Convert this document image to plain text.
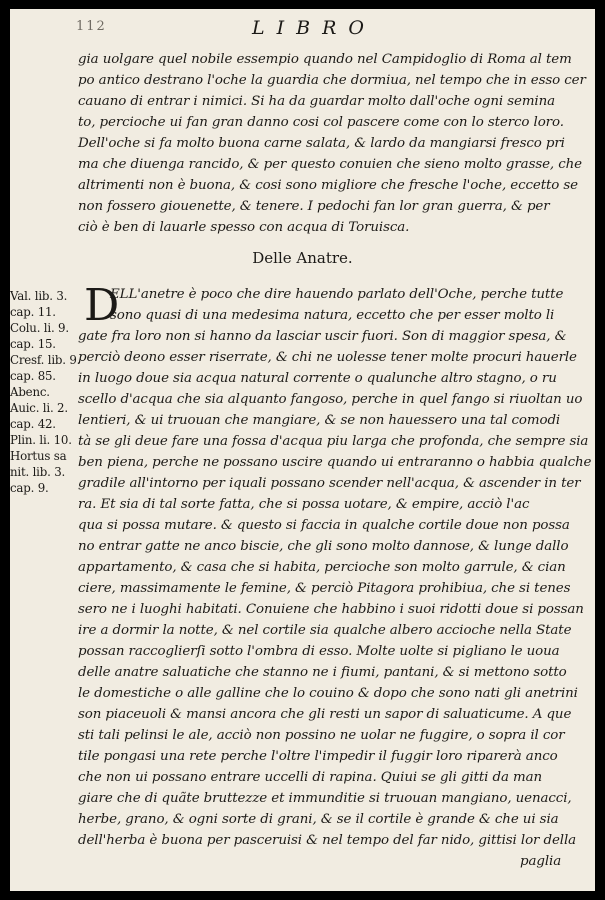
112	LIBRO

gia uolgare quel nobile essempio quando nel Campidoglio di Roma al tem

po antico destrano l'oche la guardia che dormiua, nel tempo che in esso cer

cauano di entrar i nimici. Si ha da guardar molto dall'oche ogni seminа

to, percioche ui fan gran danno cosi col pascere come con lo sterco loro.

Dell'oche si fa molto buona carne salata, & lardo da mangiarsi fresco pri

ma che diuenga rancido, & per questo conuien che sieno molto grasse, che

altrimenti non è buona, & cosi sono migliore che fresche l'oche, eccetto se

non fossero giouenette, & tenere. I pedochi fan lor gran guerra, & per

ciò è ben di lauarle spesso con acqua di Toruisca.

Delle Anatre.
D

ELL'anetre è poco che dire hauendo parlato dell'Oche, perche tutte

sono quasi di una medesima natura, eccetto che per esser molto li

gate fra loro non si hanno da lasciar uscir fuori. Son di maggior spesa, &

perciò deono esser riserrate, & chi ne uolesse tener molte procuri hauerle

in luogo doue sia acqua natural corrente o qualunche altro stagno, o ru

scello d'acqua che sia alquanto fangoso, perche in quel fango si riuoltan uo

lentieri, & ui truouan che mangiare, & se non hauessero una tal comodi

tà se gli deue fare una fossa d'acqua piu larga che profonda, che sempre sia

ben piena, perche ne possano uscire quando ui entraranno o habbia qualche

gradile all'intorno per iquali possano scender nell'acqua, & ascender in ter

ra. Et sia di tal sorte fatta, che si possa uotare, & empire, acciò l'ac

qua si possa mutare. & questo si faccia in qualche cortile doue non possa

no entrar gatte ne anco biscie, che gli sono molto dannose, & lunge dallo

appartamento, & casa che si habita, percioche son molto garrule, & cian

ciere, massimamente le femine, & perciò Pitagora prohibiua, che si tenes

sero ne i luoghi habitati. Conuiene che habbino i suoi ridotti doue si possan

ire a dormir la notte, & nel cortile sia qualche albero accioche nella State

possan raccoglierſi sotto l'ombra di esso. Molte uolte si pigliano le uoua

delle anatre saluatiche che stanno ne i fiumi, pantani, & si mettono sotto

le domestiche o alle galline che lo couino & dopo che sono nati gli anetrini

son piaceuoli & mansi ancora che gli resti un sapor di saluaticume. A que

sti tali pelinsi le ale, acciò non possino ne uolar ne fuggire, o sopra il cor

tile pongasi una rete perche l'oltre l'impedir il fuggir loro riparerà anco

che non ui possano entrare uccelli di rapina. Quiui se gli gitti da man

giare che di quãte bruttezze et immunditie si truouan mangiano, uenacci,

herbe, grano, & ogni sorte di grani, & se il cortile è grande & che ui sia

dell'herba è buona per pasceruisi & nel tempo del far nido, gittisi lor della

paglia

Val. lib. 3.
cap. 11.
Colu. li. 9.
cap. 15.
Cresf. lib. 9.
cap. 85.
Abenc.
Auic. li. 2.
cap. 42.
Plin. li. 10.
Hortus sa
nit. lib. 3.
cap. 9.
